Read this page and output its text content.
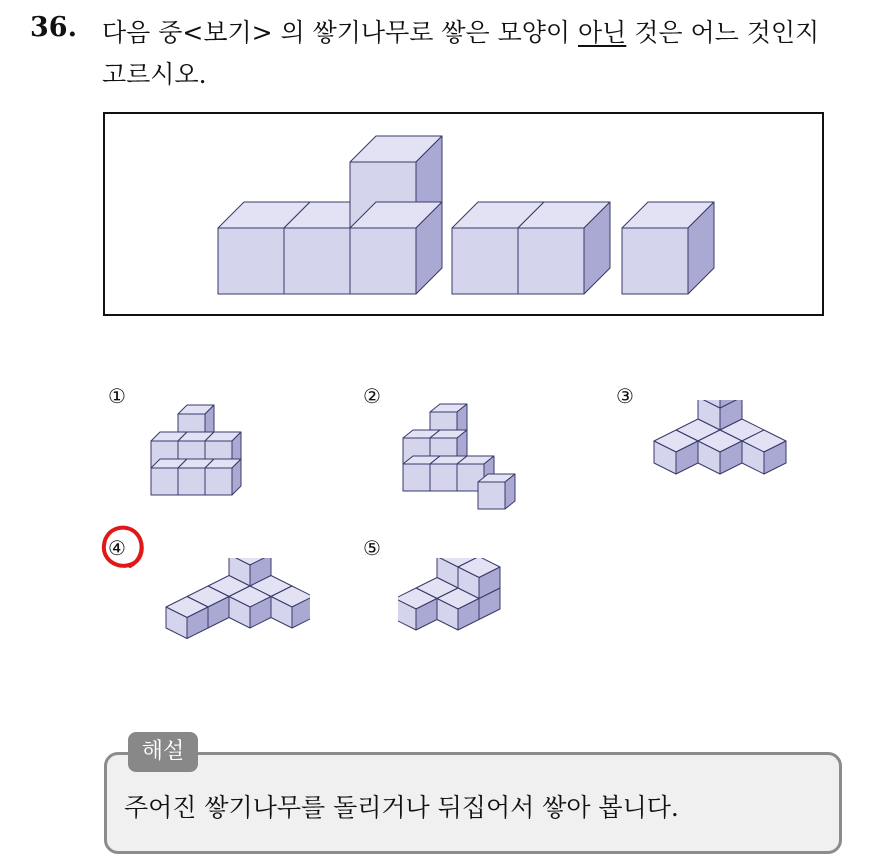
36. 다음 중<보기> 의 쌓기나무로 쌓은 모양이 아닌 것은 어느 것인지
고르시오.
①	②	③
④	⑤
해설
주어진 쌓기나무를 돌리거나 뒤집어서 쌓아 봅니다.
